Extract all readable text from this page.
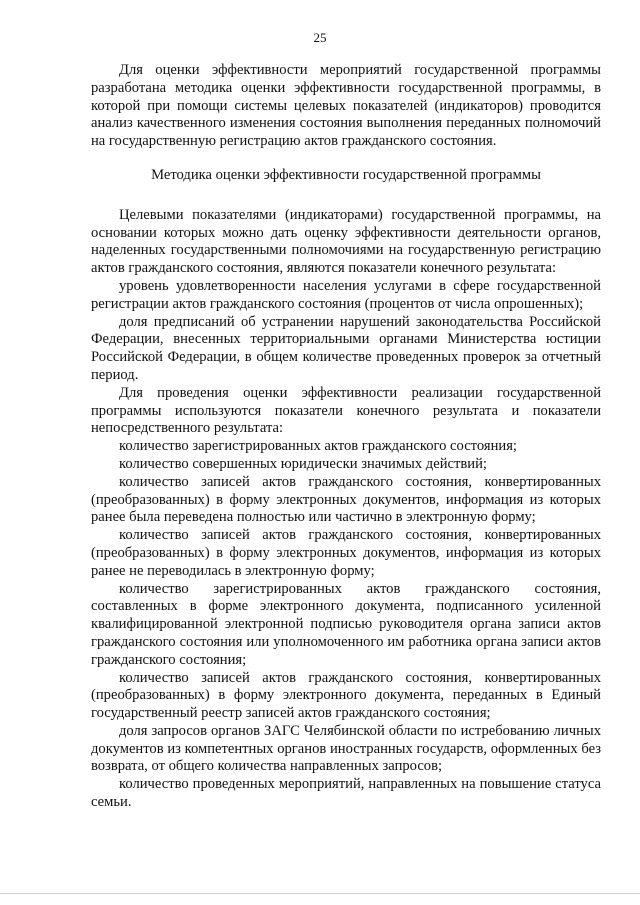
25

Для оценки эффективности мероприятий государственной программы разработана методика оценки эффективности государственной программы, в которой при помощи системы целевых показателей (индикаторов) проводится анализ качественного изменения состояния выполнения переданных полномочий на государственную регистрацию актов гражданского состояния.

Методика оценки эффективности государственной программы

Целевыми показателями (индикаторами) государственной программы, на основании которых можно дать оценку эффективности деятельности органов, наделенных государственными полномочиями на государственную регистрацию актов гражданского состояния, являются показатели конечного результата:

уровень удовлетворенности населения услугами в сфере государственной регистрации актов гражданского состояния (процентов от числа опрошенных);

доля предписаний об устранении нарушений законодательства Российской Федерации, внесенных территориальными органами Министерства юстиции Российской Федерации, в общем количестве проведенных проверок за отчетный период.

Для проведения оценки эффективности реализации государственной программы используются показатели конечного результата и показатели непосредственного результата:

количество зарегистрированных актов гражданского состояния;

количество совершенных юридически значимых действий;

количество записей актов гражданского состояния, конвертированных (преобразованных) в форму электронных документов, информация из которых ранее была переведена полностью или частично в электронную форму;

количество записей актов гражданского состояния, конвертированных (преобразованных) в форму электронных документов, информация из которых ранее не переводилась в электронную форму;

количество зарегистрированных актов гражданского состояния, составленных в форме электронного документа, подписанного усиленной квалифицированной электронной подписью руководителя органа записи актов гражданского состояния или уполномоченного им работника органа записи актов гражданского состояния;

количество записей актов гражданского состояния, конвертированных (преобразованных) в форму электронного документа, переданных в Единый государственный реестр записей актов гражданского состояния;

доля запросов органов ЗАГС Челябинской области по истребованию личных документов из компетентных органов иностранных государств, оформленных без возврата, от общего количества направленных запросов;

количество проведенных мероприятий, направленных на повышение статуса семьи.
